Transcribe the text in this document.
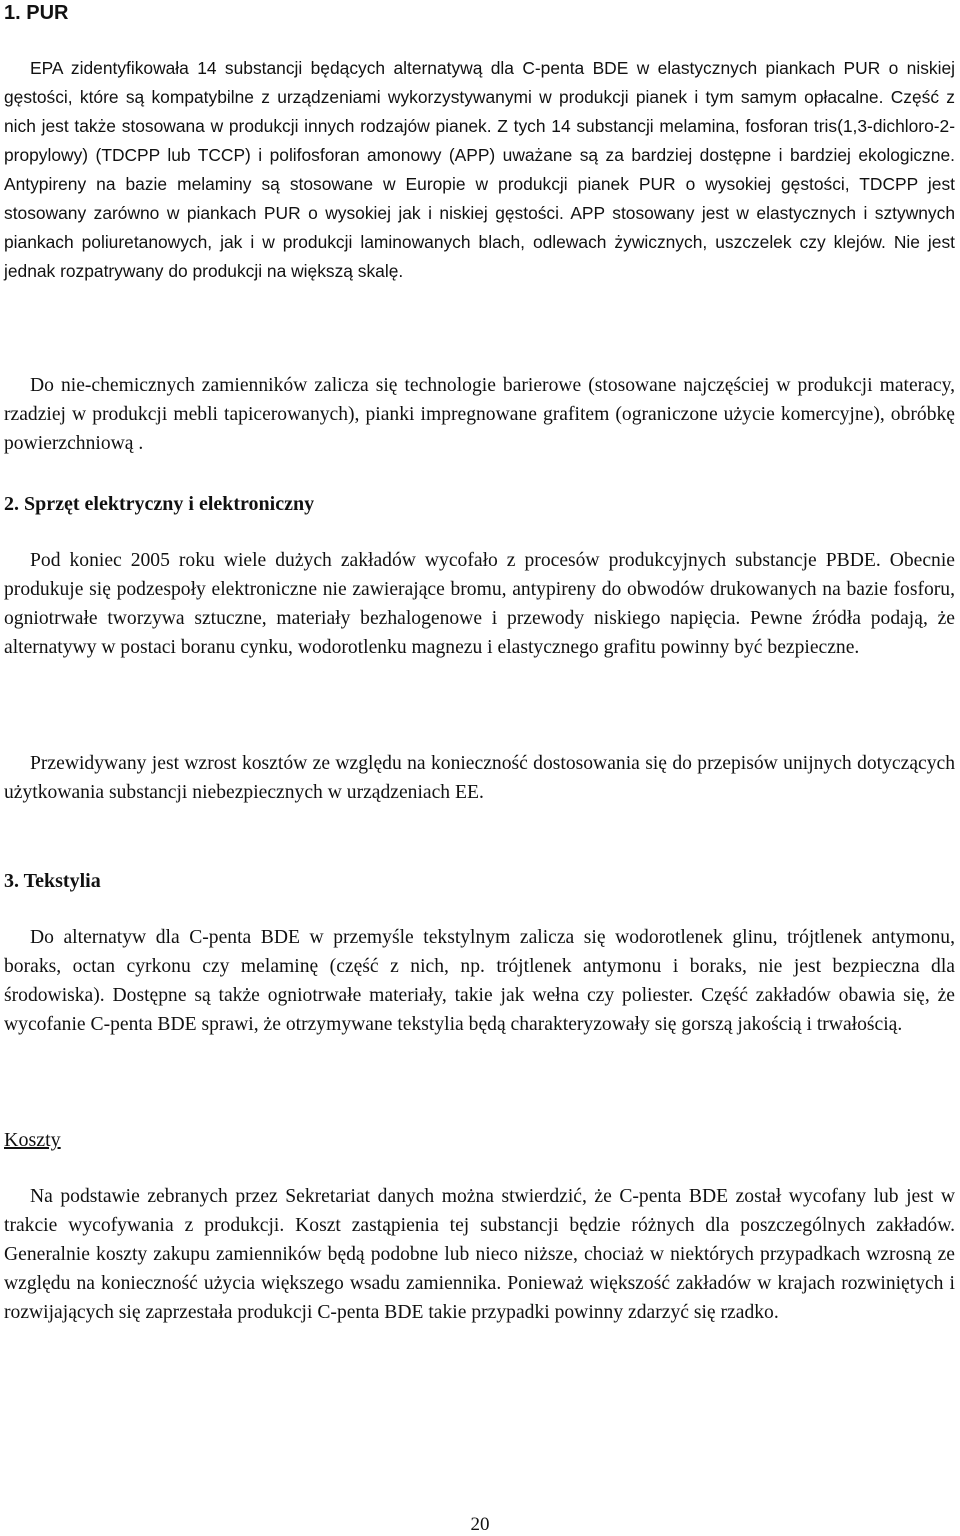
1. PUR

EPA zidentyfikowała 14 substancji będących alternatywą dla C-penta BDE w elastycznych piankach PUR o niskiej gęstości, które są kompatybilne z urządzeniami wykorzystywanymi w produkcji pianek i tym samym opłacalne. Część z nich jest także stosowana w produkcji innych rodzajów pianek. Z tych 14 substancji melamina, fosforan tris(1,3-dichloro-2-propylowy) (TDCPP lub TCCP) i polifosforan amonowy (APP) uważane są za bardziej dostępne i bardziej ekologiczne. Antypireny na bazie melaminy są stosowane w Europie w produkcji pianek PUR o wysokiej gęstości, TDCPP jest stosowany zarówno w piankach PUR o wysokiej jak i niskiej gęstości. APP stosowany jest w elastycznych i sztywnych piankach poliuretanowych, jak i w produkcji laminowanych blach, odlewach żywicznych, uszczelek czy klejów. Nie jest jednak rozpatrywany do produkcji na większą skalę.

Do nie-chemicznych zamienników zalicza się technologie barierowe (stosowane najczęściej w produkcji materacy, rzadziej w produkcji mebli tapicerowanych), pianki impregnowane grafitem (ograniczone użycie komercyjne), obróbkę powierzchniową .

2. Sprzęt elektryczny i elektroniczny

Pod koniec 2005 roku wiele dużych zakładów wycofało z procesów produkcyjnych substancje PBDE. Obecnie produkuje się podzespoły elektroniczne nie zawierające bromu, antypireny do obwodów drukowanych na bazie fosforu, ogniotrwałe tworzywa sztuczne, materiały bezhalogenowe i przewody niskiego napięcia. Pewne źródła podają, że alternatywy w postaci boranu cynku, wodorotlenku magnezu i elastycznego grafitu powinny być bezpieczne.

Przewidywany jest wzrost kosztów ze względu na konieczność dostosowania się do przepisów unijnych dotyczących użytkowania substancji niebezpiecznych w urządzeniach EE.

3. Tekstylia

Do alternatyw dla C-penta BDE w przemyśle tekstylnym zalicza się wodorotlenek glinu, trójtlenek antymonu, boraks, octan cyrkonu czy melaminę (część z nich, np. trójtlenek antymonu i boraks, nie jest bezpieczna dla środowiska). Dostępne są także ogniotrwałe materiały, takie jak wełna czy poliester. Część zakładów obawia się, że wycofanie C-penta BDE sprawi, że otrzymywane tekstylia będą charakteryzowały się gorszą jakością i trwałością.

Koszty

Na podstawie zebranych przez Sekretariat danych można stwierdzić, że C-penta BDE został wycofany lub jest w trakcie wycofywania z produkcji. Koszt zastąpienia tej substancji będzie różnych dla poszczególnych zakładów. Generalnie koszty zakupu zamienników będą podobne lub nieco niższe, chociaż w niektórych przypadkach wzrosną ze względu na konieczność użycia większego wsadu zamiennika. Ponieważ większość zakładów w krajach rozwiniętych i rozwijających się zaprzestała produkcji C-penta BDE takie przypadki powinny zdarzyć się rzadko.

20
